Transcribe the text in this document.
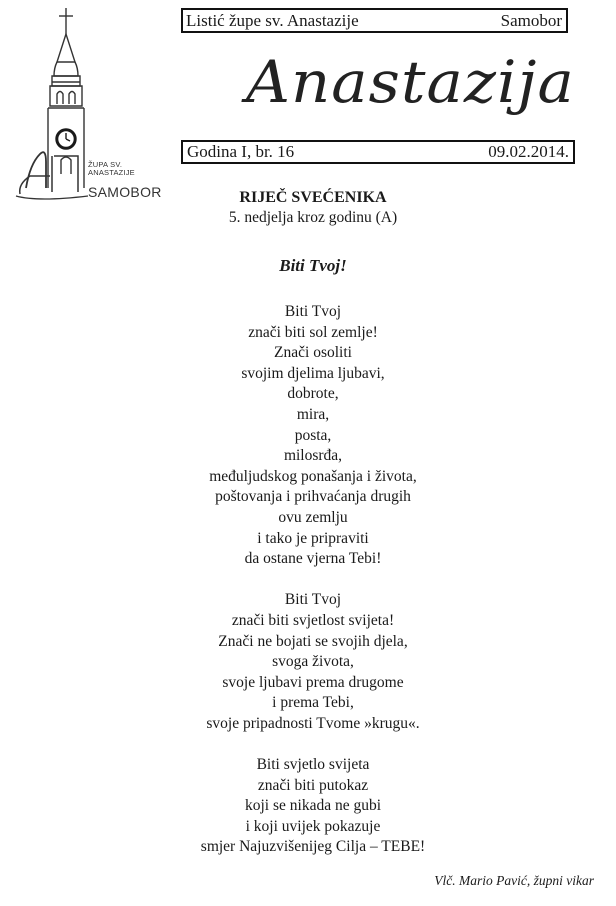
ŽUPA SV.
ANASTAZIJE
SAMOBOR
Listić župe sv. Anastazije	Samobor
Anastazija
Godina I, br. 16	09.02.2014.
RIJEČ SVEĆENIKA
5. nedjelja kroz godinu (A)
Biti Tvoj!
Biti Tvoj
znači biti sol zemlje!
Znači osoliti
svojim djelima ljubavi,
dobrote,
mira,
posta,
milosrđa,
međuljudskog ponašanja i života,
poštovanja i prihvaćanja drugih
ovu zemlju
i tako je pripraviti
da ostane vjerna Tebi!
Biti Tvoj
znači biti svjetlost svijeta!
Znači ne bojati se svojih djela,
svoga života,
svoje ljubavi prema drugome
i prema Tebi,
svoje pripadnosti Tvome »krugu«.
Biti svjetlo svijeta
znači biti putokaz
koji se nikada ne gubi
i koji uvijek pokazuje
smjer Najuzvišenijeg Cilja – TEBE!
Vlč. Mario Pavić, župni vikar
